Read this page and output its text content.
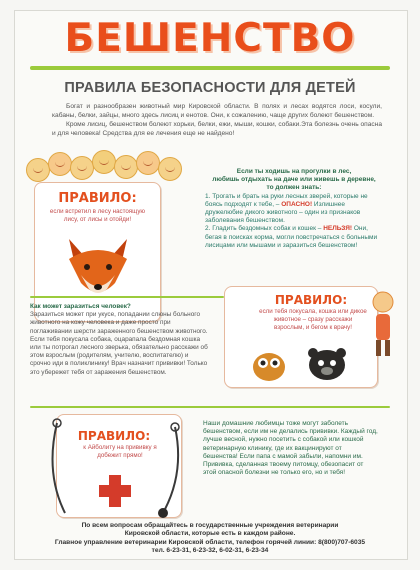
БЕШЕНСТВО
ПРАВИЛА БЕЗОПАСНОСТИ ДЛЯ ДЕТЕЙ

Богат и разнообразен животный мир Кировской области. В полях и лесах водятся лоси, косули, кабаны, белки, зайцы, много здесь лисиц и енотов. Они, к сожалению, чаще других болеют бешенством.

Кроме лисиц, бешенством болеют хорьки, белки, ежи, мыши, кошки, собаки.Эта болезнь очень опасна и для человека! Средства для ее лечения еще не найдено!

ПРАВИЛО:
если встретил в лесу настоящую лису, от лисы и отойди!

Если ты ходишь на прогулки в лес,
любишь отдыхать на даче или живешь в деревне,
то должен знать:

1. Трогать и брать на руки лесных зверей, которые не боясь подходят к тебе, – ОПАСНО! Излишнее дружелюбие дикого животного – один из признаков заболевания бешенством.

2. Гладить бездомных собак и кошек – НЕЛЬЗЯ! Они, бегая в поисках корма, могли повстречаться с больными лисицами или мышами и заразиться бешенством!

Как может заразиться человек?
Заразиться может при укусе, попадании слюны больного животного на кожу человека и даже просто при поглаживании шерсти зараженного бешенством животного. Если тебя покусала собака, оцарапала бездомная кошка или ты потрогал лесного зверька, обязательно расскажи об этом взрослым (родителям, учителю, воспитателю) и срочно иди в поликлинику! Врач назначит прививки! Только это убережет тебя от заражения бешенством.
ПРАВИЛО:
если тебя покусала, кошка или дикое животное – сразу расскажи взрослым, и бегом к врачу!
ПРАВИЛО:
к Айболиту на прививку я добежит прямо!
Наши домашние любимцы тоже могут заболеть бешенством, если им не делались прививки. Каждый год, лучше весной, нужно посетить с собакой или кошкой ветеринарную клинику, где их вакцинируют от бешенства! Если папа с мамой забыли, напомни им. Прививка, сделанная твоему питомцу, обезопасит от этой опасной болезни не только его, но и тебя!
По всем вопросам обращайтесь в государственные учреждения ветеринарии
Кировской области, которые есть в каждом районе.
Главное управление ветеринарии Кировской области, телефон горячей линии: 8(800)707-6035
тел. 6-23-31, 6-23-32, 6-02-31, 6-23-34
